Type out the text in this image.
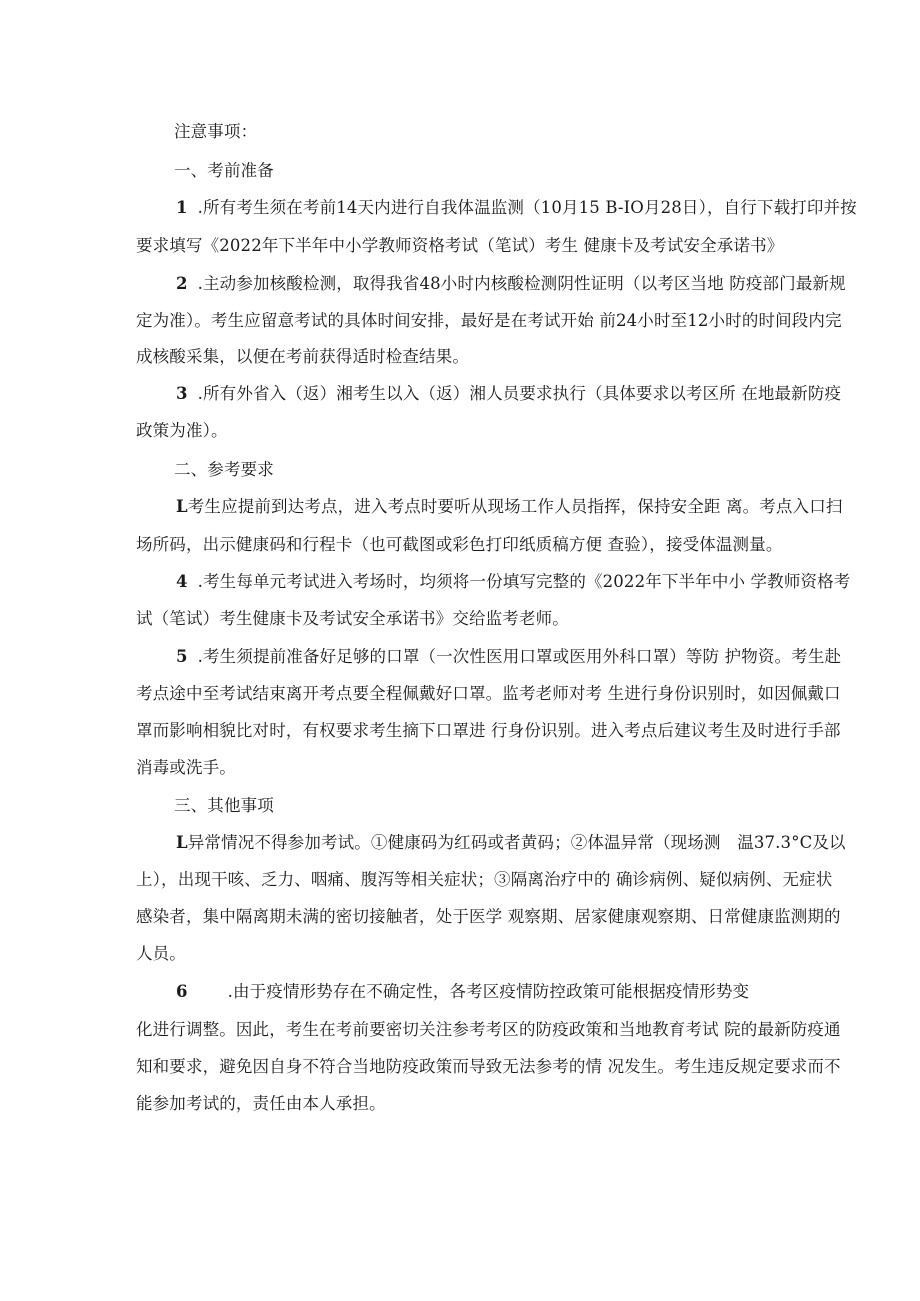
注意事项：
一、考前准备
1 .所有考生须在考前14天内进行自我体温监测（10月15 B-IO月28日），自行下载打印并按
要求填写《2022年下半年中小学教师资格考试（笔试）考生 健康卡及考试安全承诺书》
2 .主动参加核酸检测，取得我省48小时内核酸检测阴性证明（以考区当地 防疫部门最新规
定为准）。考生应留意考试的具体时间安排，最好是在考试开始 前24小时至12小时的时间段内完
成核酸采集，以便在考前获得适时检查结果。
3 .所有外省入（返）湘考生以入（返）湘人员要求执行（具体要求以考区所 在地最新防疫
政策为准）。
二、参考要求
L考生应提前到达考点，进入考点时要听从现场工作人员指挥，保持安全距 离。考点入口扫
场所码，出示健康码和行程卡（也可截图或彩色打印纸质稿方便 查验），接受体温测量。
4 .考生每单元考试进入考场时，均须将一份填写完整的《2022年下半年中小 学教师资格考
试（笔试）考生健康卡及考试安全承诺书》交给监考老师。
5 .考生须提前准备好足够的口罩（一次性医用口罩或医用外科口罩）等防 护物资。考生赴
考点途中至考试结束离开考点要全程佩戴好口罩。监考老师对考 生进行身份识别时，如因佩戴口
罩而影响相貌比对时，有权要求考生摘下口罩进 行身份识别。进入考点后建议考生及时进行手部
消毒或洗手。
三、其他事项
L异常情况不得参加考试。①健康码为红码或者黄码；②体温异常（现场测　温37.3°C及以
上），出现干咳、乏力、咽痛、腹泻等相关症状；③隔离治疗中的 确诊病例、疑似病例、无症状
感染者，集中隔离期未满的密切接触者，处于医学 观察期、居家健康观察期、日常健康监测期的
人员。
6 .由于疫情形势存在不确定性，各考区疫情防控政策可能根据疫情形势变
化进行调整。因此，考生在考前要密切关注参考考区的防疫政策和当地教育考试 院的最新防疫通
知和要求，避免因自身不符合当地防疫政策而导致无法参考的情 况发生。考生违反规定要求而不
能参加考试的，责任由本人承担。
